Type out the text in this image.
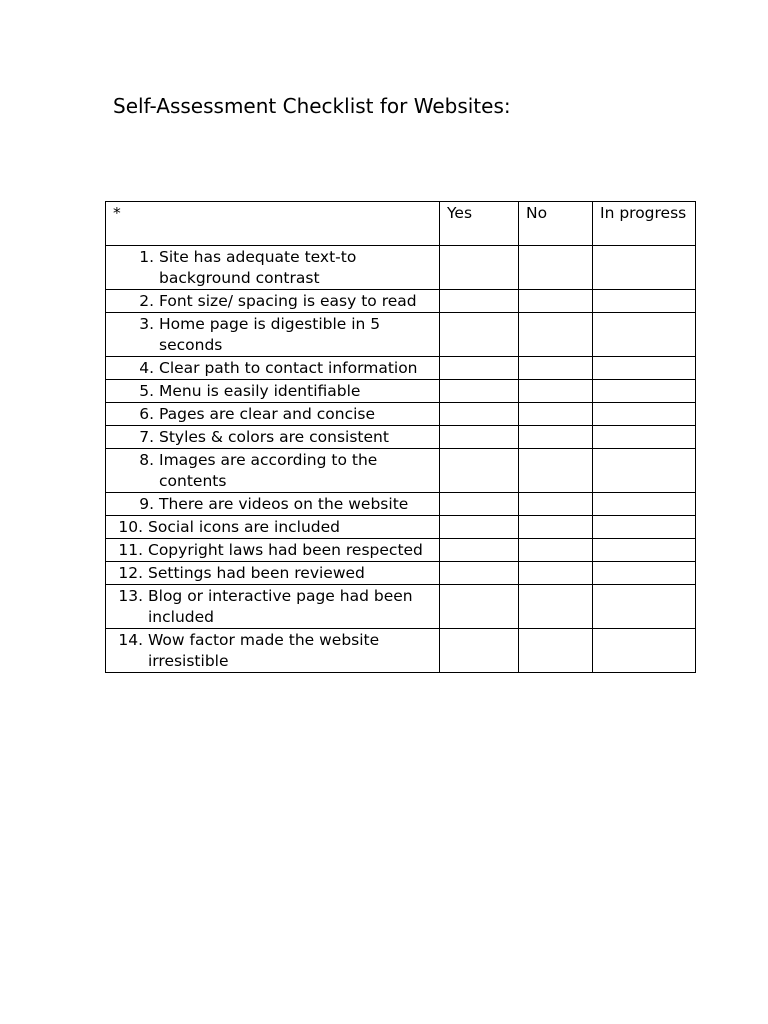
Self-Assessment Checklist for Websites:
*	Yes	No	In progress

1. Site has adequate text-to background contrast			

2. Font size/ spacing is easy to read			

3. Home page is digestible in 5 seconds			

4. Clear path to contact information			

5. Menu is easily identifiable			

6. Pages are clear and concise			

7. Styles & colors are consistent			

8. Images are according to the contents			

9. There are videos on the website			

10. Social icons are included			

11. Copyright laws had been respected			

12. Settings had been reviewed			

13. Blog or interactive page had been included			

14. Wow factor made the website irresistible			
